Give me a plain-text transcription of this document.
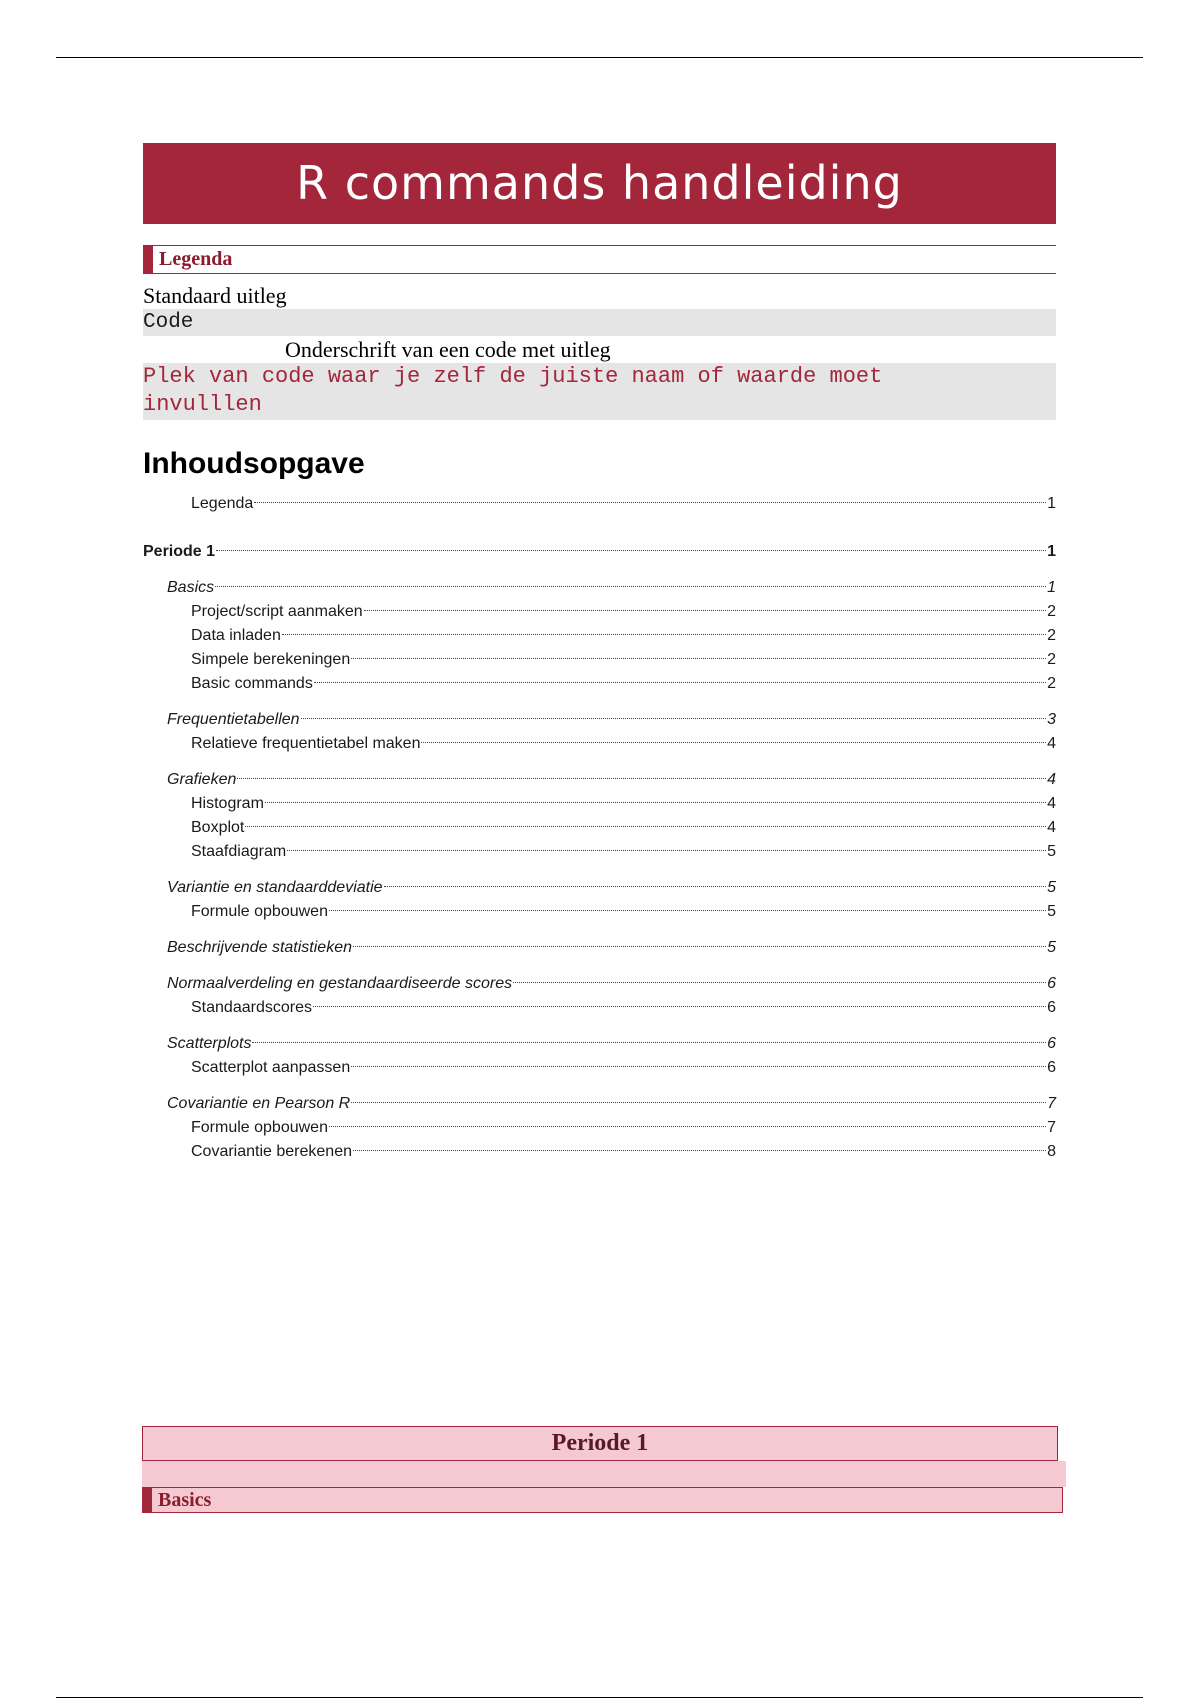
R commands handleiding
Legenda
Standaard uitleg
Code
Onderschrift van een code met uitleg
Plek van code waar je zelf de juiste naam of waarde moet
invulllen
Inhoudsopgave
Legenda	1
Periode 1	1
Basics	1
Project/script aanmaken	2
Data inladen	2
Simpele berekeningen	2
Basic commands	2
Frequentietabellen	3
Relatieve frequentietabel maken	4
Grafieken	4
Histogram	4
Boxplot	4
Staafdiagram	5
Variantie en standaarddeviatie	5
Formule opbouwen	5
Beschrijvende statistieken	5
Normaalverdeling en gestandaardiseerde scores	6
Standaardscores	6
Scatterplots	6
Scatterplot aanpassen	6
Covariantie en Pearson R	7
Formule opbouwen	7
Covariantie berekenen	8
Periode 1
Basics
